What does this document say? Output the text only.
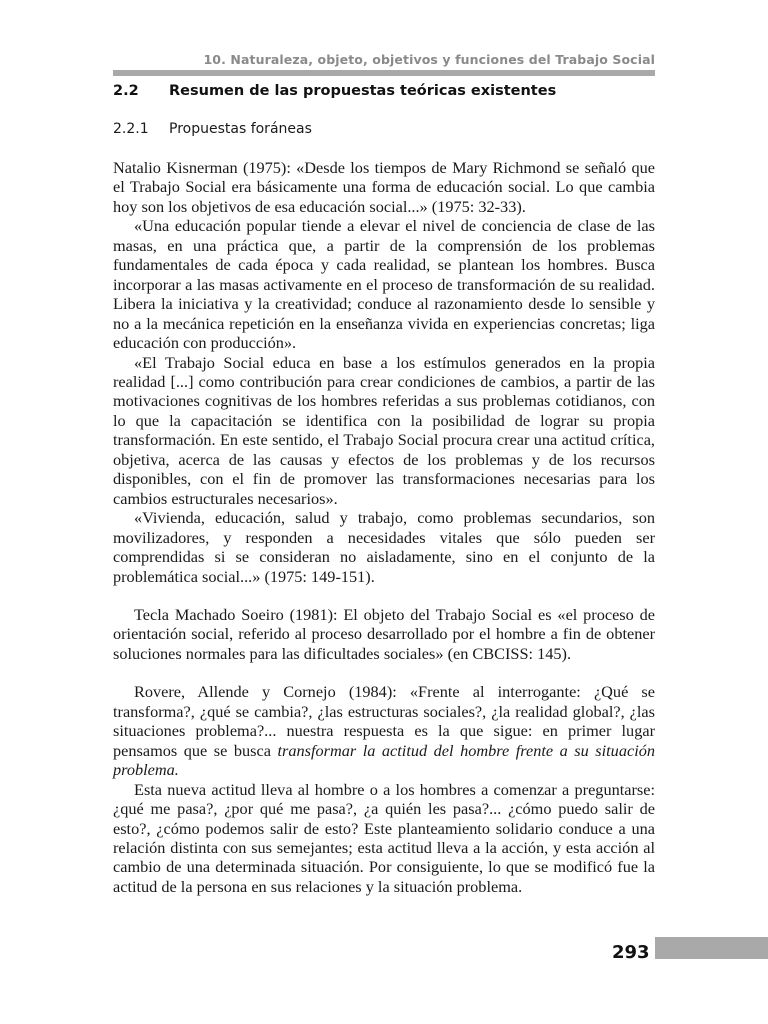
10. Naturaleza, objeto, objetivos y funciones del Trabajo Social
2.2 Resumen de las propuestas teóricas existentes
2.2.1 Propuestas foráneas

Natalio Kisnerman (1975): «Desde los tiempos de Mary Richmond se señaló que el Trabajo Social era básicamente una forma de educación social. Lo que cambia hoy son los objetivos de esa educación social...» (1975: 32-33).

«Una educación popular tiende a elevar el nivel de conciencia de clase de las masas, en una práctica que, a partir de la comprensión de los problemas fundamentales de cada época y cada realidad, se plantean los hombres. Busca incorporar a las masas activamente en el proceso de transformación de su realidad. Libera la iniciativa y la creatividad; conduce al razonamiento desde lo sensible y no a la mecánica repetición en la enseñanza vivida en experiencias concretas; liga educación con producción».

«El Trabajo Social educa en base a los estímulos generados en la propia realidad [...] como contribución para crear condiciones de cambios, a partir de las motivaciones cognitivas de los hombres referidas a sus problemas cotidianos, con lo que la capacitación se identifica con la posibilidad de lograr su propia transformación. En este sentido, el Trabajo Social procura crear una actitud crítica, objetiva, acerca de las causas y efectos de los problemas y de los recursos disponibles, con el fin de promover las transformaciones necesarias para los cambios estructurales necesarios».

«Vivienda, educación, salud y trabajo, como problemas secundarios, son movilizadores, y responden a necesidades vitales que sólo pueden ser comprendidas si se consideran no aisladamente, sino en el conjunto de la problemática social...» (1975: 149-151).

Tecla Machado Soeiro (1981): El objeto del Trabajo Social es «el proceso de orientación social, referido al proceso desarrollado por el hombre a fin de obtener soluciones normales para las dificultades sociales» (en CBCISS: 145).

Rovere, Allende y Cornejo (1984): «Frente al interrogante: ¿Qué se transforma?, ¿qué se cambia?, ¿las estructuras sociales?, ¿la realidad global?, ¿las situaciones problema?... nuestra respuesta es la que sigue: en primer lugar pensamos que se busca transformar la actitud del hombre frente a su situación problema.

Esta nueva actitud lleva al hombre o a los hombres a comenzar a preguntarse: ¿qué me pasa?, ¿por qué me pasa?, ¿a quién les pasa?... ¿cómo puedo salir de esto?, ¿cómo podemos salir de esto? Este planteamiento solidario conduce a una relación distinta con sus semejantes; esta actitud lleva a la acción, y esta acción al cambio de una determinada situación. Por consiguiente, lo que se modificó fue la actitud de la persona en sus relaciones y la situación problema.

293
